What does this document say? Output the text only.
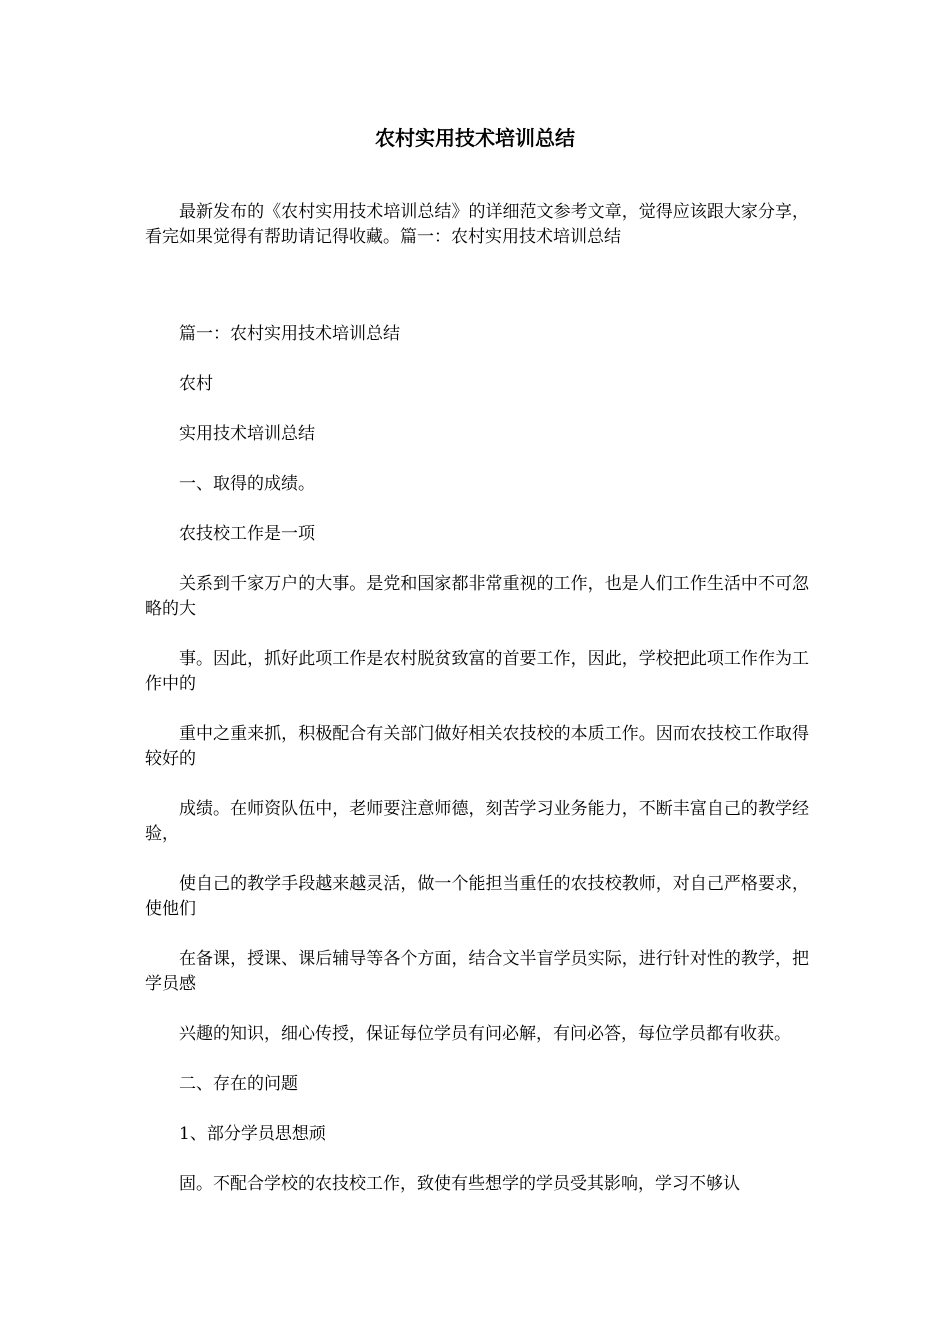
农村实用技术培训总结

最新发布的《农村实用技术培训总结》的详细范文参考文章，觉得应该跟大家分享，看完如果觉得有帮助请记得收藏。篇一：农村实用技术培训总结

篇一：农村实用技术培训总结

农村

实用技术培训总结

一、取得的成绩。

农技校工作是一项

关系到千家万户的大事。是党和国家都非常重视的工作，也是人们工作生活中不可忽略的大

事。因此，抓好此项工作是农村脱贫致富的首要工作，因此，学校把此项工作作为工作中的

重中之重来抓，积极配合有关部门做好相关农技校的本质工作。因而农技校工作取得较好的

成绩。在师资队伍中，老师要注意师德，刻苦学习业务能力，不断丰富自己的教学经验，

使自己的教学手段越来越灵活，做一个能担当重任的农技校教师，对自己严格要求，使他们

在备课，授课、课后辅导等各个方面，结合文半盲学员实际，进行针对性的教学，把学员感

兴趣的知识，细心传授，保证每位学员有问必解，有问必答，每位学员都有收获。

二、存在的问题

1、部分学员思想顽

固。不配合学校的农技校工作，致使有些想学的学员受其影响，学习不够认
